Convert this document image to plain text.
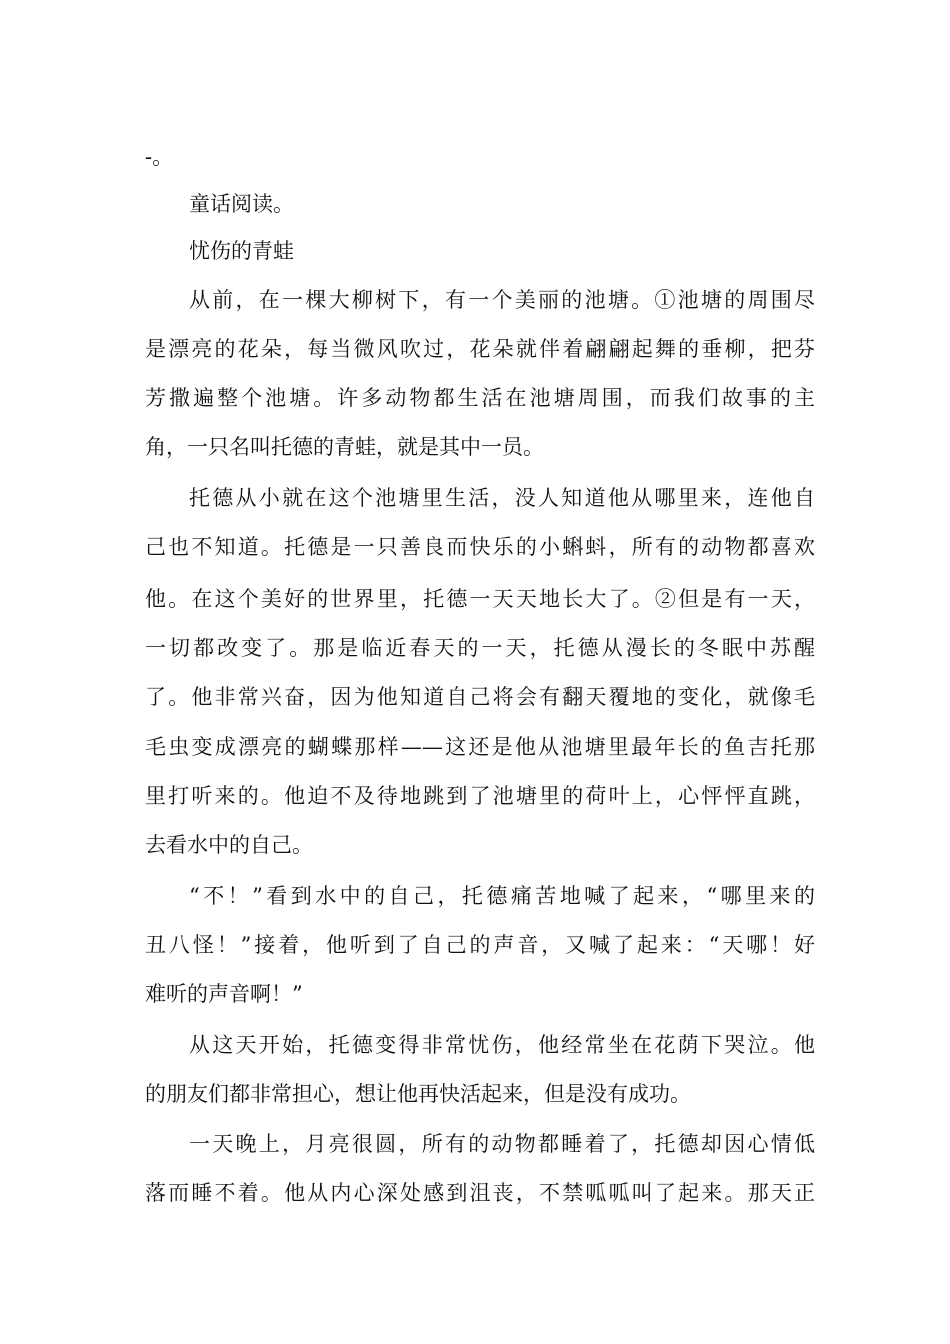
-。
童话阅读。
忧伤的青蛙
从前，在一棵大柳树下，有一个美丽的池塘。①池塘的周围尽
是漂亮的花朵，每当微风吹过，花朵就伴着翩翩起舞的垂柳，把芬
芳撒遍整个池塘。许多动物都生活在池塘周围，而我们故事的主
角，一只名叫托德的青蛙，就是其中一员。
托德从小就在这个池塘里生活，没人知道他从哪里来，连他自
己也不知道。托德是一只善良而快乐的小蝌蚪，所有的动物都喜欢
他。在这个美好的世界里，托德一天天地长大了。②但是有一天，
一切都改变了。那是临近春天的一天，托德从漫长的冬眠中苏醒
了。他非常兴奋，因为他知道自己将会有翻天覆地的变化，就像毛
毛虫变成漂亮的蝴蝶那样——这还是他从池塘里最年长的鱼吉托那
里打听来的。他迫不及待地跳到了池塘里的荷叶上，心怦怦直跳，
去看水中的自己。
“不！”看到水中的自己，托德痛苦地喊了起来，“哪里来的
丑八怪！”接着，他听到了自己的声音，又喊了起来：“天哪！好
难听的声音啊！”
从这天开始，托德变得非常忧伤，他经常坐在花荫下哭泣。他
的朋友们都非常担心，想让他再快活起来，但是没有成功。
一天晚上，月亮很圆，所有的动物都睡着了，托德却因心情低
落而睡不着。他从内心深处感到沮丧，不禁呱呱叫了起来。那天正
